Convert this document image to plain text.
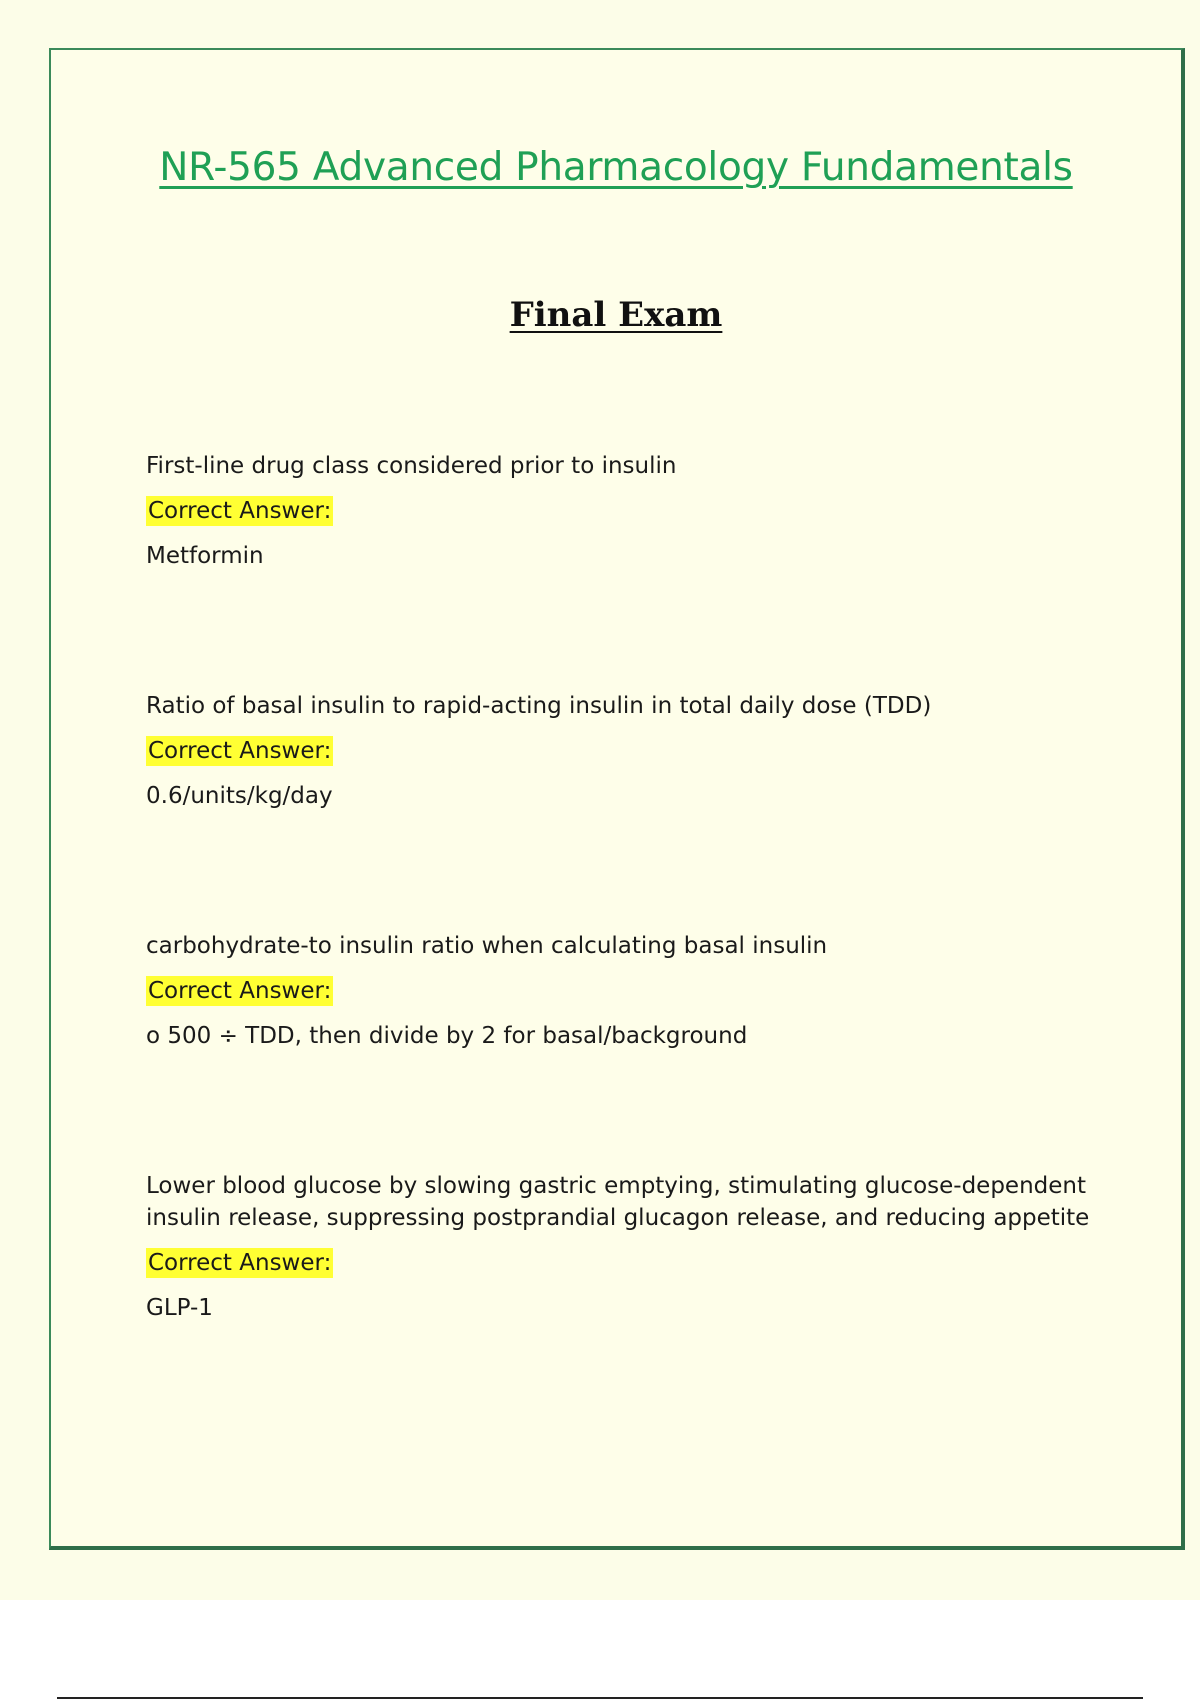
NR-565 Advanced Pharmacology Fundamentals
Final Exam

First-line drug class considered prior to insulin

Correct Answer:

Metformin

Ratio of basal insulin to rapid-acting insulin in total daily dose (TDD)

Correct Answer:

0.6/units/kg/day

carbohydrate-to insulin ratio when calculating basal insulin

Correct Answer:

o 500 ÷ TDD, then divide by 2 for basal/background

Lower blood glucose by slowing gastric emptying, stimulating glucose-dependent insulin release, suppressing postprandial glucagon release, and reducing appetite

Correct Answer:

GLP-1
